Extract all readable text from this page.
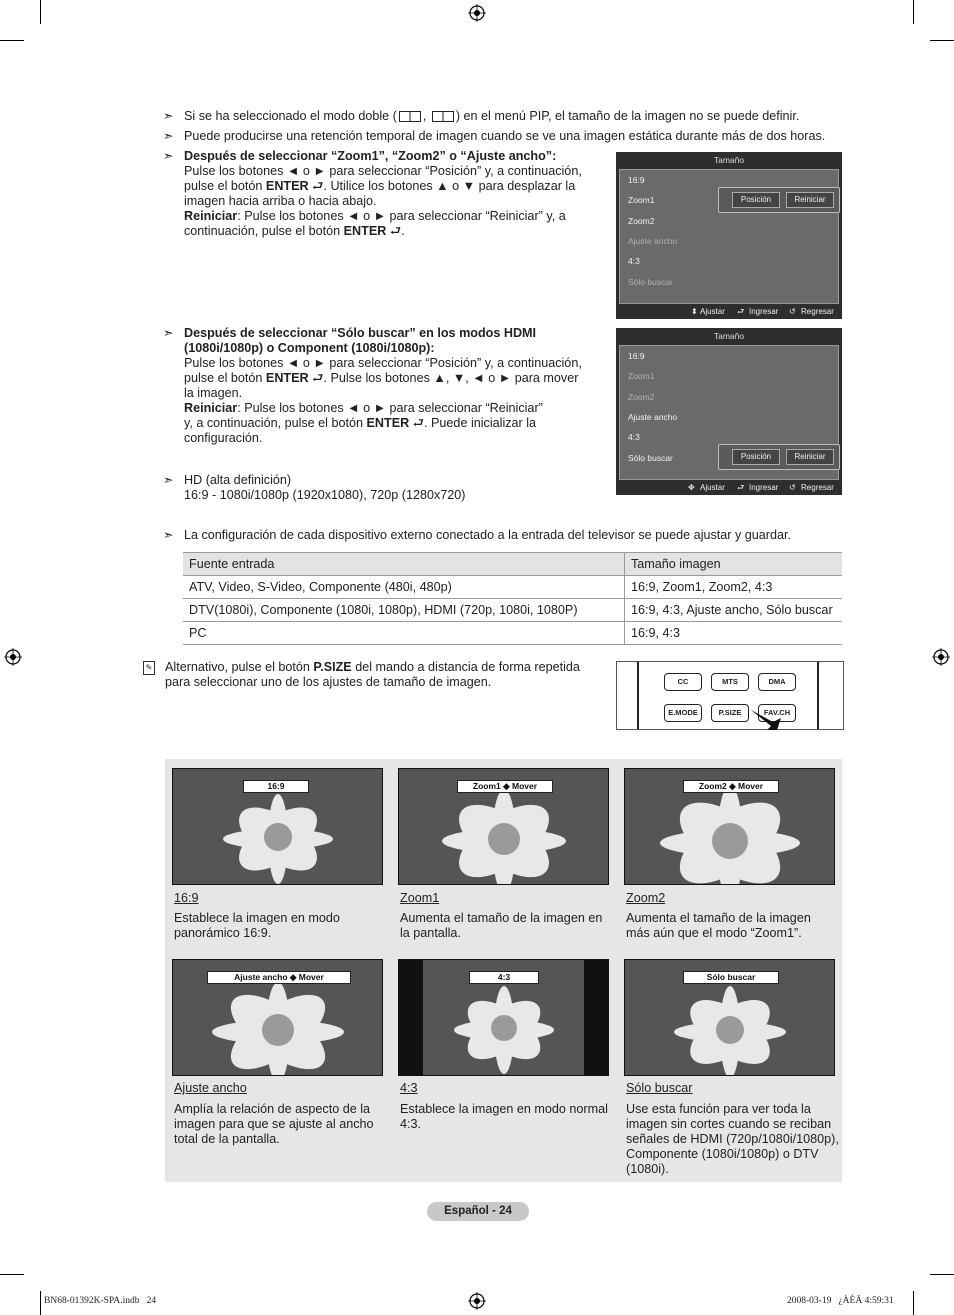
➣ Si se ha seleccionado el modo doble ( , ) en el menú PIP, el tamaño de la imagen no se puede definir.
➣ Puede producirse una retención temporal de imagen cuando se ve una imagen estática durante más de dos horas.
➣ Después de seleccionar “Zoom1”, “Zoom2” o “Ajuste ancho”:
Pulse los botones ◄ o ► para seleccionar “Posición” y, a continuación,
pulse el botón ENTER ⮐. Utilice los botones ▲ o ▼ para desplazar la
imagen hacia arriba o hacia abajo.
Reiniciar: Pulse los botones ◄ o ► para seleccionar “Reiniciar” y, a
continuación, pulse el botón ENTER ⮐.
Tamaño
16:9
Zoom1
Zoom2
Ajuste ancho
4:3
Sólo buscar
Posición	Reiniciar
⬍ Ajustar ⮐ Ingresar ↺ Regresar
➣ Después de seleccionar “Sólo buscar” en los modos HDMI
(1080i/1080p) o Component (1080i/1080p):
Pulse los botones ◄ o ► para seleccionar “Posición” y, a continuación,
pulse el botón ENTER ⮐. Pulse los botones ▲, ▼, ◄ o ► para mover
la imagen.
Reiniciar: Pulse los botones ◄ o ► para seleccionar “Reiniciar”
y, a continuación, pulse el botón ENTER ⮐. Puede inicializar la
configuración.
Tamaño
16:9
Zoom1
Zoom2
Ajuste ancho
4:3
Sólo buscar	Posición	Reiniciar
✥ Ajustar ⮐ Ingresar ↺ Regresar
➣ HD (alta definición)
16:9 - 1080i/1080p (1920x1080), 720p (1280x720)
➣ La configuración de cada dispositivo externo conectado a la entrada del televisor se puede ajustar y guardar.
Fuente entrada	Tamaño imagen
ATV, Video, S-Video, Componente (480i, 480p)	16:9, Zoom1, Zoom2, 4:3
DTV(1080i), Componente (1080i, 1080p), HDMI (720p, 1080i, 1080P)	16:9, 4:3, Ajuste ancho, Sólo buscar
PC	16:9, 4:3
✎ Alternativo, pulse el botón P.SIZE del mando a distancia de forma repetida
para seleccionar uno de los ajustes de tamaño de imagen.	CC	MTS	DMA
E.MODE	P.SIZE	FAV.CH
16:9	Zoom1 ◆ Mover	Zoom2 ◆ Mover
16:9
Establece la imagen en modo
panorámico 16:9.
Zoom1
Aumenta el tamaño de la imagen en
la pantalla.
Zoom2
Aumenta el tamaño de la imagen
más aún que el modo “Zoom1”.
Ajuste ancho ◆ Mover	4:3	Sólo buscar
Ajuste ancho
Amplía la relación de aspecto de la
imagen para que se ajuste al ancho
total de la pantalla.
4:3
Establece la imagen en modo normal
4:3.
Sólo buscar
Use esta función para ver toda la
imagen sin cortes cuando se reciban
señales de HDMI (720p/1080i/1080p),
Componente (1080i/1080p) o DTV
(1080i).
Español - 24
BN68-01392K-SPA.indb   24	2008-03-19   ¿ÀÈÄ 4:59:31
